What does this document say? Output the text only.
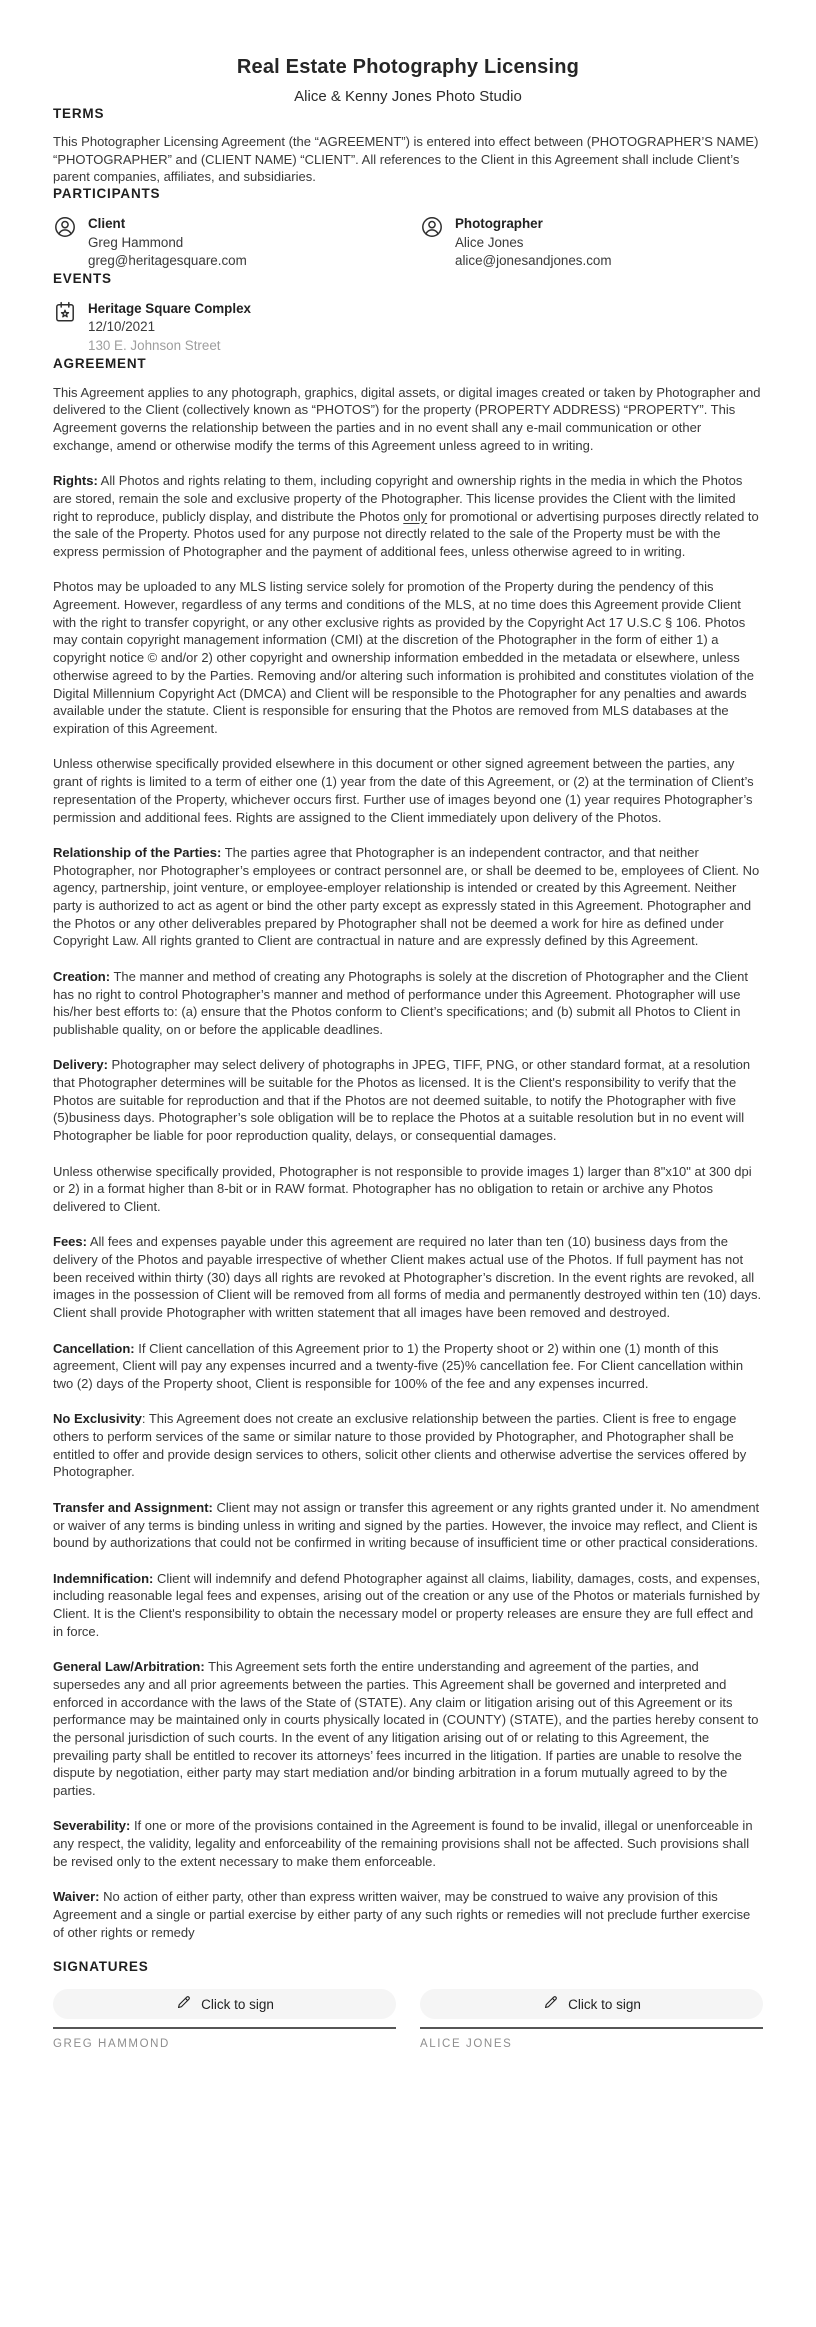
Real Estate Photography Licensing
Alice & Kenny Jones Photo Studio
TERMS

This Photographer Licensing Agreement (the “AGREEMENT”) is entered into effect between (PHOTOGRAPHER’S NAME) “PHOTOGRAPHER” and (CLIENT NAME) “CLIENT”. All references to the Client in this Agreement shall include Client’s parent companies, affiliates, and subsidiaries.

PARTICIPANTS
Client
Greg Hammond
greg@heritagesquare.com
Photographer
Alice Jones
alice@jonesandjones.com
EVENTS
Heritage Square Complex
12/10/2021
130 E. Johnson Street
AGREEMENT

This Agreement applies to any photograph, graphics, digital assets, or digital images created or taken by Photographer and delivered to the Client (collectively known as “PHOTOS”) for the property (PROPERTY ADDRESS) “PROPERTY”. This Agreement governs the relationship between the parties and in no event shall any e-mail communication or other exchange, amend or otherwise modify the terms of this Agreement unless agreed to in writing.

Rights: All Photos and rights relating to them, including copyright and ownership rights in the media in which the Photos are stored, remain the sole and exclusive property of the Photographer. This license provides the Client with the limited right to reproduce, publicly display, and distribute the Photos only for promotional or advertising purposes directly related to the sale of the Property. Photos used for any purpose not directly related to the sale of the Property must be with the express permission of Photographer and the payment of additional fees, unless otherwise agreed to in writing.

Photos may be uploaded to any MLS listing service solely for promotion of the Property during the pendency of this Agreement. However, regardless of any terms and conditions of the MLS, at no time does this Agreement provide Client with the right to transfer copyright, or any other exclusive rights as provided by the Copyright Act 17 U.S.C § 106. Photos may contain copyright management information (CMI) at the discretion of the Photographer in the form of either 1) a copyright notice © and/or 2) other copyright and ownership information embedded in the metadata or elsewhere, unless otherwise agreed to by the Parties. Removing and/or altering such information is prohibited and constitutes violation of the Digital Millennium Copyright Act (DMCA) and Client will be responsible to the Photographer for any penalties and awards available under the statute. Client is responsible for ensuring that the Photos are removed from MLS databases at the expiration of this Agreement.

Unless otherwise specifically provided elsewhere in this document or other signed agreement between the parties, any grant of rights is limited to a term of either one (1) year from the date of this Agreement, or (2) at the termination of Client’s representation of the Property, whichever occurs first. Further use of images beyond one (1) year requires Photographer’s permission and additional fees. Rights are assigned to the Client immediately upon delivery of the Photos.

Relationship of the Parties: The parties agree that Photographer is an independent contractor, and that neither Photographer, nor Photographer’s employees or contract personnel are, or shall be deemed to be, employees of Client. No agency, partnership, joint venture, or employee-employer relationship is intended or created by this Agreement. Neither party is authorized to act as agent or bind the other party except as expressly stated in this Agreement. Photographer and the Photos or any other deliverables prepared by Photographer shall not be deemed a work for hire as defined under Copyright Law. All rights granted to Client are contractual in nature and are expressly defined by this Agreement.

Creation: The manner and method of creating any Photographs is solely at the discretion of Photographer and the Client has no right to control Photographer’s manner and method of performance under this Agreement. Photographer will use his/her best efforts to: (a) ensure that the Photos conform to Client’s specifications; and (b) submit all Photos to Client in publishable quality, on or before the applicable deadlines.

Delivery: Photographer may select delivery of photographs in JPEG, TIFF, PNG, or other standard format, at a resolution that Photographer determines will be suitable for the Photos as licensed. It is the Client's responsibility to verify that the Photos are suitable for reproduction and that if the Photos are not deemed suitable, to notify the Photographer with five (5)business days. Photographer’s sole obligation will be to replace the Photos at a suitable resolution but in no event will Photographer be liable for poor reproduction quality, delays, or consequential damages.

Unless otherwise specifically provided, Photographer is not responsible to provide images 1) larger than 8"x10" at 300 dpi or 2) in a format higher than 8-bit or in RAW format. Photographer has no obligation to retain or archive any Photos delivered to Client.

Fees: All fees and expenses payable under this agreement are required no later than ten (10) business days from the delivery of the Photos and payable irrespective of whether Client makes actual use of the Photos. If full payment has not been received within thirty (30) days all rights are revoked at Photographer’s discretion. In the event rights are revoked, all images in the possession of Client will be removed from all forms of media and permanently destroyed within ten (10) days. Client shall provide Photographer with written statement that all images have been removed and destroyed.

Cancellation: If Client cancellation of this Agreement prior to 1) the Property shoot or 2) within one (1) month of this agreement, Client will pay any expenses incurred and a twenty-five (25)% cancellation fee. For Client cancellation within two (2) days of the Property shoot, Client is responsible for 100% of the fee and any expenses incurred.

No Exclusivity: This Agreement does not create an exclusive relationship between the parties. Client is free to engage others to perform services of the same or similar nature to those provided by Photographer, and Photographer shall be entitled to offer and provide design services to others, solicit other clients and otherwise advertise the services offered by Photographer.

Transfer and Assignment: Client may not assign or transfer this agreement or any rights granted under it. No amendment or waiver of any terms is binding unless in writing and signed by the parties. However, the invoice may reflect, and Client is bound by authorizations that could not be confirmed in writing because of insufficient time or other practical considerations.

Indemnification: Client will indemnify and defend Photographer against all claims, liability, damages, costs, and expenses, including reasonable legal fees and expenses, arising out of the creation or any use of the Photos or materials furnished by Client. It is the Client's responsibility to obtain the necessary model or property releases are ensure they are full effect and in force.

General Law/Arbitration: This Agreement sets forth the entire understanding and agreement of the parties, and supersedes any and all prior agreements between the parties. This Agreement shall be governed and interpreted and enforced in accordance with the laws of the State of (STATE). Any claim or litigation arising out of this Agreement or its performance may be maintained only in courts physically located in (COUNTY) (STATE), and the parties hereby consent to the personal jurisdiction of such courts. In the event of any litigation arising out of or relating to this Agreement, the prevailing party shall be entitled to recover its attorneys’ fees incurred in the litigation. If parties are unable to resolve the dispute by negotiation, either party may start mediation and/or binding arbitration in a forum mutually agreed to by the parties.

Severability: If one or more of the provisions contained in the Agreement is found to be invalid, illegal or unenforceable in any respect, the validity, legality and enforceability of the remaining provisions shall not be affected. Such provisions shall be revised only to the extent necessary to make them enforceable.

Waiver: No action of either party, other than express written waiver, may be construed to waive any provision of this Agreement and a single or partial exercise by either party of any such rights or remedies will not preclude further exercise of other rights or remedy

SIGNATURES
Click to sign
GREG HAMMOND
Click to sign
ALICE JONES
